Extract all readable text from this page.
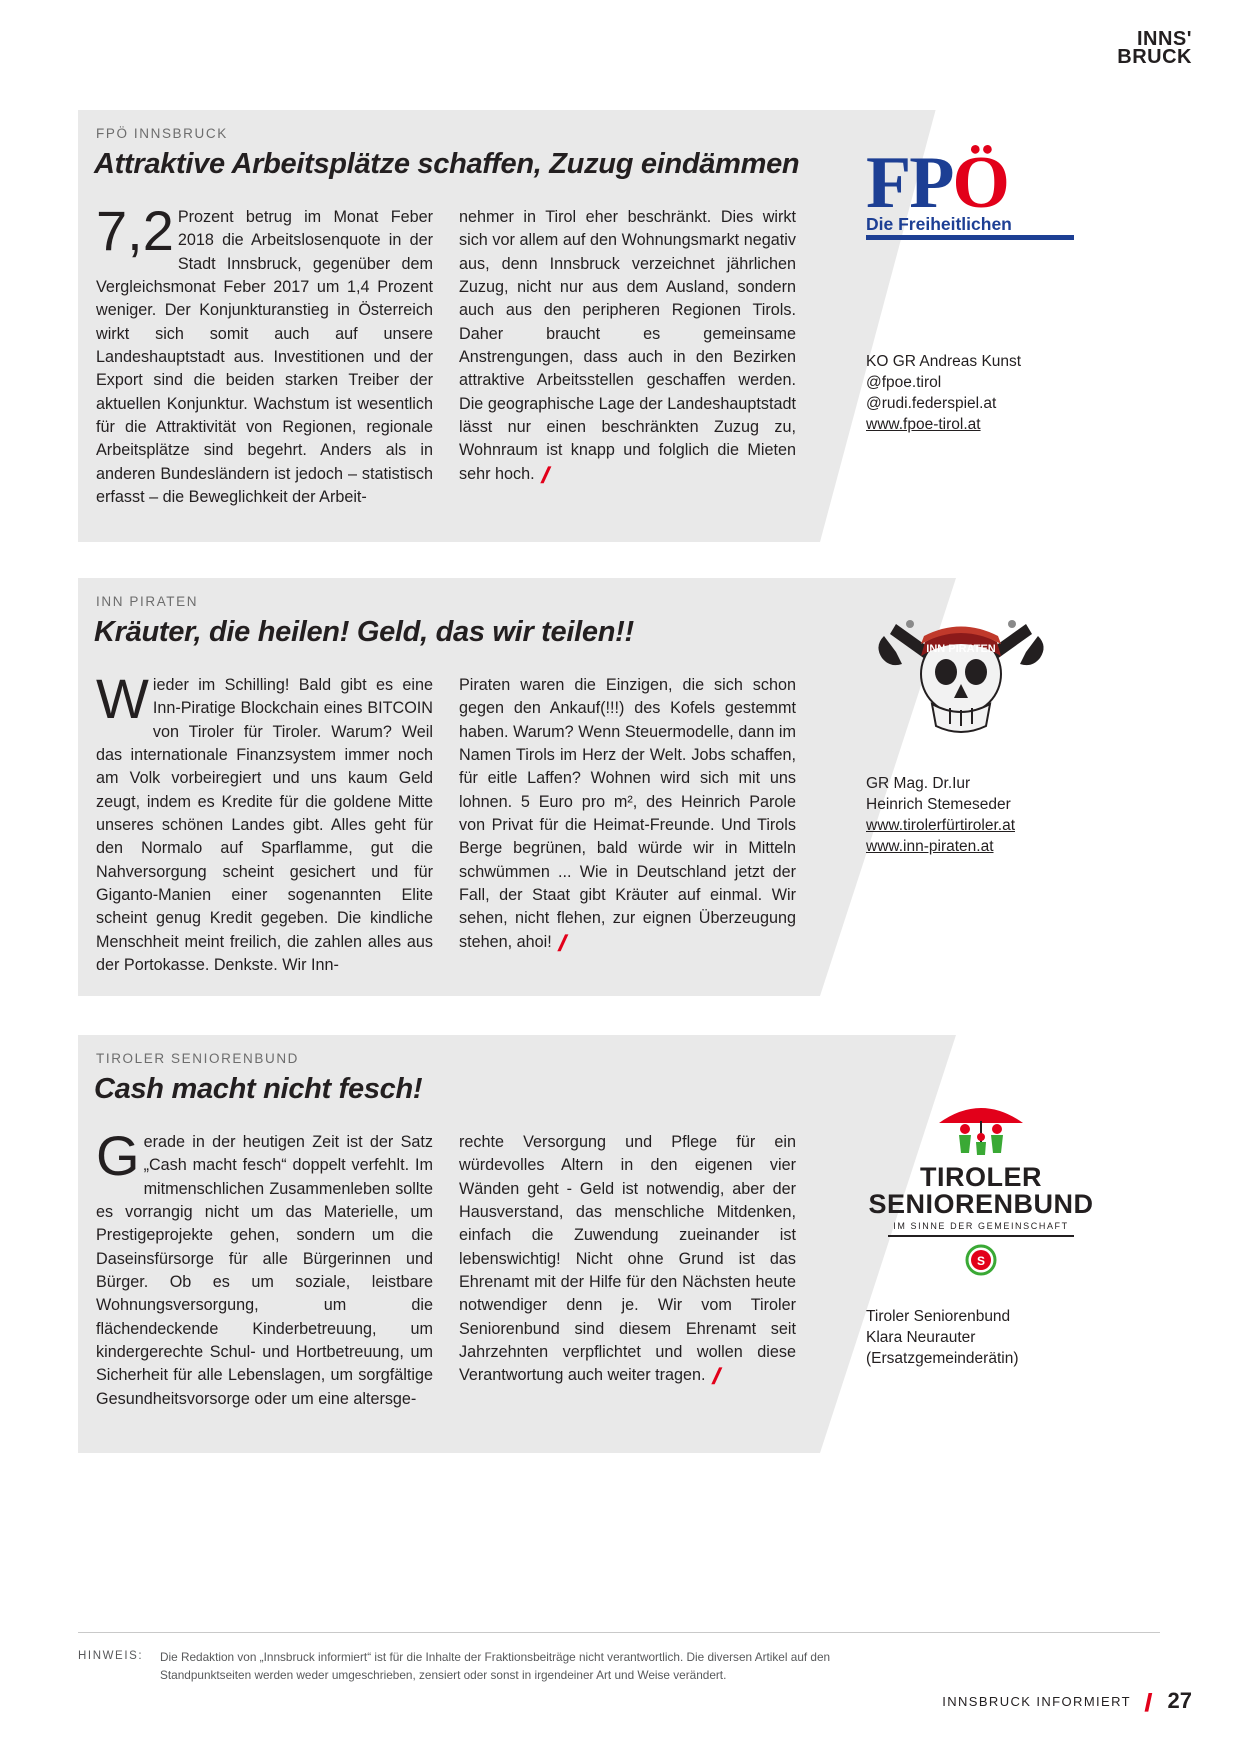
INNS'
BRUCK
FPÖ INNSBRUCK
Attraktive Arbeitsplätze schaffen, Zuzug eindämmen

7,2 Prozent betrug im Monat Feber 2018 die Arbeitslosenquote in der Stadt Innsbruck, gegenüber dem Vergleichsmonat Feber 2017 um 1,4 Prozent weniger. Der Konjunkturanstieg in Österreich wirkt sich somit auch auf unsere Landeshauptstadt aus. Investitionen und der Export sind die beiden starken Treiber der aktuellen Konjunktur. Wachstum ist wesentlich für die Attraktivität von Regionen, regionale Arbeitsplätze sind begehrt. Anders als in anderen Bundesländern ist jedoch – statistisch erfasst – die Beweglichkeit der Arbeit-

nehmer in Tirol eher beschränkt. Dies wirkt sich vor allem auf den Wohnungsmarkt negativ aus, denn Innsbruck verzeichnet jährlichen Zuzug, nicht nur aus dem Ausland, sondern auch aus den peripheren Regionen Tirols. Daher braucht es gemeinsame Anstrengungen, dass auch in den Bezirken attraktive Arbeitsstellen geschaffen werden. Die geographische Lage der Landeshauptstadt lässt nur einen beschränkten Zuzug zu, Wohnraum ist knapp und folglich die Mieten sehr hoch.❙

FPÖ
Die Freiheitlichen
KO GR Andreas Kunst
@fpoe.tirol
@rudi.federspiel.at
www.fpoe-tirol.at
INN PIRATEN
Kräuter, die heilen! Geld, das wir teilen!!

Wieder im Schilling! Bald gibt es eine Inn-Piratige Blockchain eines BITCOIN von Tiroler für Tiroler. Warum? Weil das internationale Finanzsystem immer noch am Volk vorbeiregiert und uns kaum Geld zeugt, indem es Kredite für die goldene Mitte unseres schönen Landes gibt. Alles geht für den Normalo auf Sparflamme, gut die Nahversorgung scheint gesichert und für Giganto-Manien einer sogenannten Elite scheint genug Kredit gegeben. Die kindliche Menschheit meint freilich, die zahlen alles aus der Portokasse. Denkste. Wir Inn-

Piraten waren die Einzigen, die sich schon gegen den Ankauf(!!!) des Kofels gestemmt haben. Warum? Wenn Steuermodelle, dann im Namen Tirols im Herz der Welt. Jobs schaffen, für eitle Laffen? Wohnen wird sich mit uns lohnen. 5 Euro pro m², des Heinrich Parole von Privat für die Heimat-Freunde. Und Tirols Berge begrünen, bald würde wir in Mitteln schwümmen ... Wie in Deutschland jetzt der Fall, der Staat gibt Kräuter auf einmal. Wir sehen, nicht flehen, zur eignen Überzeugung stehen, ahoi!❙

INN PIRATEN
GR Mag. Dr.Iur
Heinrich Stemeseder
www.tirolerfürtiroler.at
www.inn-piraten.at
TIROLER SENIORENBUND
Cash macht nicht fesch!

Gerade in der heutigen Zeit ist der Satz „Cash macht fesch“ doppelt verfehlt. Im mitmenschlichen Zusammenleben sollte es vorrangig nicht um das Materielle, um Prestigeprojekte gehen, sondern um die Daseinsfürsorge für alle Bürgerinnen und Bürger. Ob es um soziale, leistbare Wohnungsversorgung, um die flächendeckende Kinderbetreuung, um kindergerechte Schul- und Hortbetreuung, um Sicherheit für alle Lebenslagen, um sorgfältige Gesundheitsvorsorge oder um eine altersge-

rechte Versorgung und Pflege für ein würdevolles Altern in den eigenen vier Wänden geht - Geld ist notwendig, aber der Hausverstand, das menschliche Mitdenken, einfach die Zuwendung zueinander ist lebenswichtig! Nicht ohne Grund ist das Ehrenamt mit der Hilfe für den Nächsten heute notwendiger denn je. Wir vom Tiroler Seniorenbund sind diesem Ehrenamt seit Jahrzehnten verpflichtet und wollen diese Verantwortung auch weiter tragen.❙

TIROLER
SENIORENBUND
IM SINNE DER GEMEINSCHAFT
S
Tiroler Seniorenbund
Klara Neurauter
(Ersatzgemeinderätin)
HINWEIS: Die Redaktion von „Innsbruck informiert“ ist für die Inhalte der Fraktionsbeiträge nicht verantwortlich. Die diversen Artikel auf den Standpunktseiten werden weder umgeschrieben, zensiert oder sonst in irgendeiner Art und Weise verändert.
INNSBRUCK INFORMIERT ❙ 27
